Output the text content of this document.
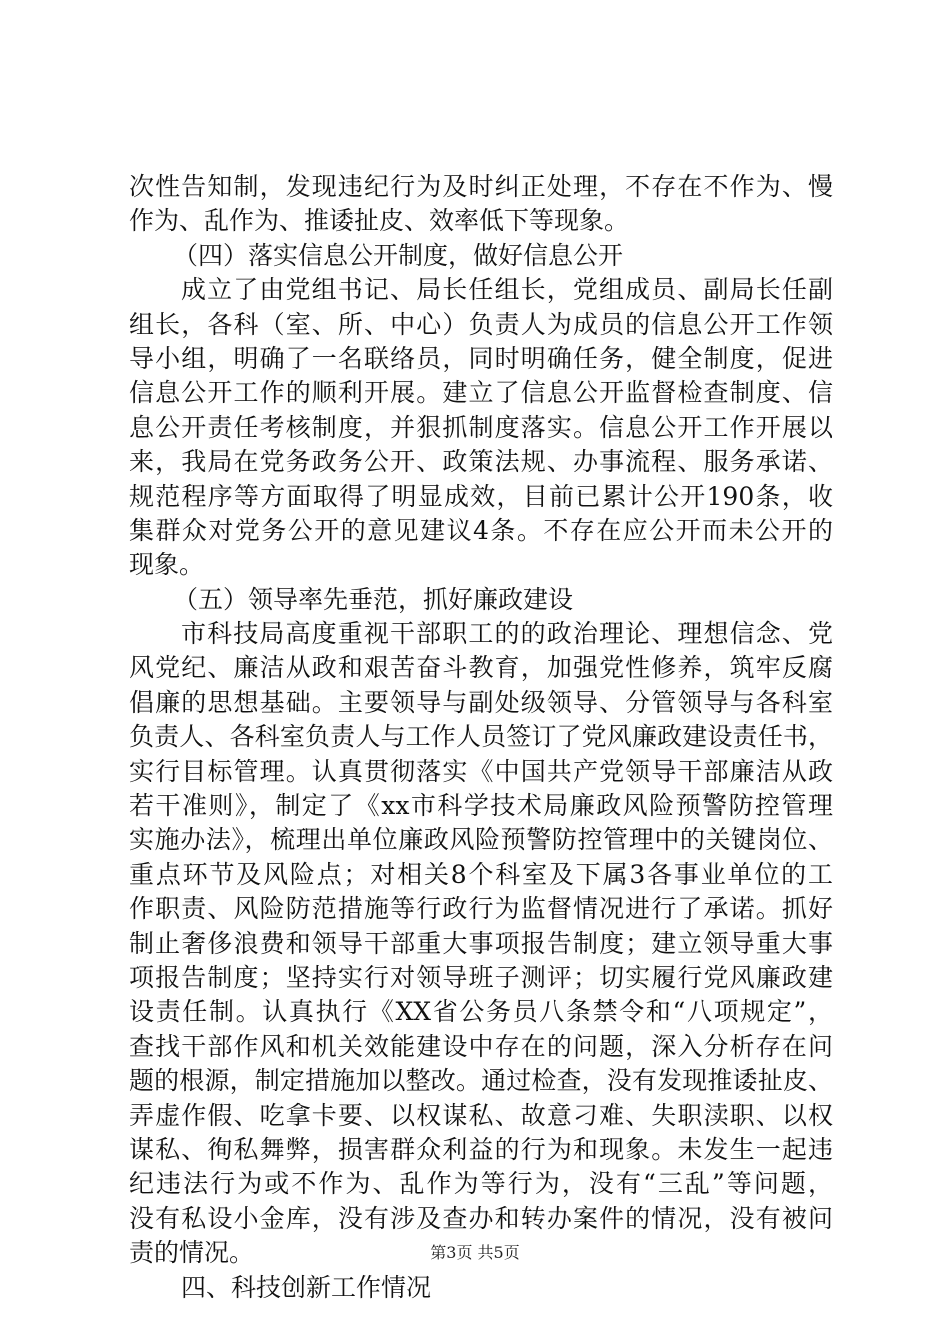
次性告知制，发现违纪行为及时纠正处理，不存在不作为、慢
作为、乱作为、推诿扯皮、效率低下等现象。
（四）落实信息公开制度，做好信息公开
成立了由党组书记、局长任组长，党组成员、副局长任副
组长，各科（室、所、中心）负责人为成员的信息公开工作领
导小组，明确了一名联络员，同时明确任务，健全制度，促进
信息公开工作的顺利开展。建立了信息公开监督检查制度、信
息公开责任考核制度，并狠抓制度落实。信息公开工作开展以
来，我局在党务政务公开、政策法规、办事流程、服务承诺、
规范程序等方面取得了明显成效，目前已累计公开190条，收
集群众对党务公开的意见建议4条。不存在应公开而未公开的
现象。
（五）领导率先垂范，抓好廉政建设
市科技局高度重视干部职工的的政治理论、理想信念、党
风党纪、廉洁从政和艰苦奋斗教育，加强党性修养，筑牢反腐
倡廉的思想基础。主要领导与副处级领导、分管领导与各科室
负责人、各科室负责人与工作人员签订了党风廉政建设责任书，
实行目标管理。认真贯彻落实《中国共产党领导干部廉洁从政
若干准则》，制定了《xx市科学技术局廉政风险预警防控管理
实施办法》，梳理出单位廉政风险预警防控管理中的关键岗位、
重点环节及风险点；对相关8个科室及下属3各事业单位的工
作职责、风险防范措施等行政行为监督情况进行了承诺。抓好
制止奢侈浪费和领导干部重大事项报告制度；建立领导重大事
项报告制度；坚持实行对领导班子测评；切实履行党风廉政建
设责任制。认真执行《XX省公务员八条禁令和“八项规定”，
查找干部作风和机关效能建设中存在的问题，深入分析存在问
题的根源，制定措施加以整改。通过检查，没有发现推诿扯皮、
弄虚作假、吃拿卡要、以权谋私、故意刁难、失职渎职、以权
谋私、徇私舞弊，损害群众利益的行为和现象。未发生一起违
纪违法行为或不作为、乱作为等行为，没有“三乱”等问题，
没有私设小金库，没有涉及查办和转办案件的情况，没有被问
责的情况。
四、科技创新工作情况
第3页 共5页
